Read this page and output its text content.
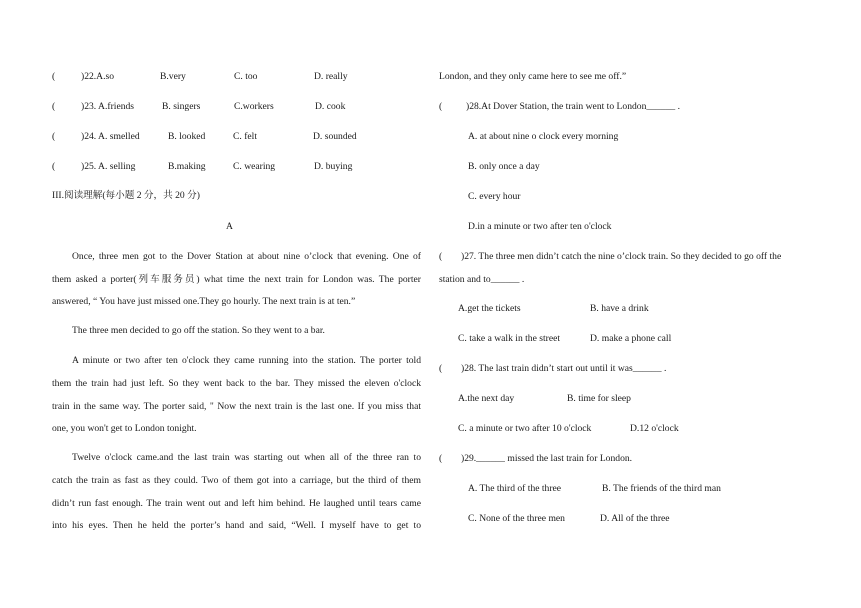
(	)22.A.so	B.very	C. too	D. really
(	)23. A.friends	B. singers	C.workers	D. cook
(	)24. A. smelled	B. looked	C. felt	D. sounded
(	)25. A. selling	B.making	C. wearing	D. buying
III.阅读理解(每小题 2 分，共 20 分)
A
Once, three men got to the Dover Station at about nine o’clock that evening. One of
them asked a porter(列车服务员) what time the next train for London was. The porter
answered, “ You have just missed one.They go hourly. The next train is at ten.”
The three men decided to go off the station. So they went to a bar.
A minute or two after ten o'clock they came running into the station. The porter told
them the train had just left. So they went back to the bar. They missed the eleven o'clock
train in the same way. The porter said, " Now the next train is the last one. If you miss that
one, you won't get to London tonight.
Twelve o'clock came.and the last train was starting out when all of the three ran to
catch the train as fast as they could. Two of them got into a carriage, but the third of them
didn’t run fast enough. The train went out and left him behind. He laughed until tears came
into his eyes. Then he held the porter’s hand and said, “Well. I myself have to get to
London, and they only came here to see me off.”
( )28.At Dover Station, the train went to London______ .
A. at about nine o clock every morning
B. only once a day
C. every hour
D.in a minute or two after ten o'clock
( )27. The three men didn’t catch the nine o’clock train. So they decided to go off the
station and to______ .
A.get the tickets	B. have a drink
C. take a walk in the street	D. make a phone call
( )28. The last train didn’t start out until it was______ .
A.the next day	B. time for sleep
C. a minute or two after 10 o'clock	D.12 o'clock
( )29.______ missed the last train for London.
A. The third of the three	B. The friends of the third man
C. None of the three men	D. All of the three
